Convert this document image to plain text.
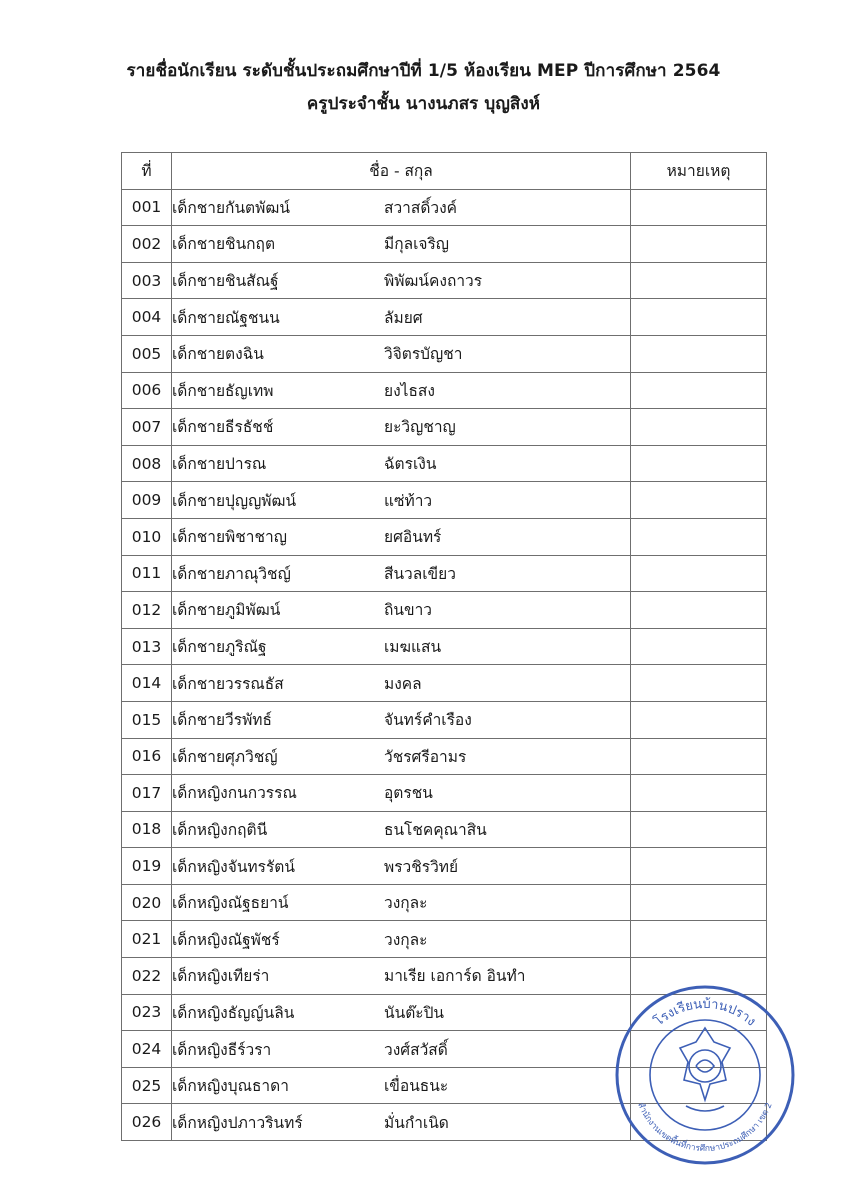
รายชื่อนักเรียน ระดับชั้นประถมศึกษาปีที่ 1/5 ห้องเรียน MEP ปีการศึกษา 2564
ครูประจำชั้น นางนภสร บุญสิงห์
ที่	ชื่อ - สกุล	หมายเหตุ
001	เด็กชายกันตพัฒน์ สวาสดิ์วงค์	
002	เด็กชายชินกฤต มีกุลเจริญ	
003	เด็กชายชินสัณฐ์ พิพัฒน์คงถาวร	
004	เด็กชายณัฐชนน ลัมยศ	
005	เด็กชายตงฉิน วิจิตรบัญชา	
006	เด็กชายธัญเทพ ยงไธสง	
007	เด็กชายธีรธัชช์ ยะวิญชาญ	
008	เด็กชายปารณ ฉัตรเงิน	
009	เด็กชายปุญญพัฒน์ แซ่ท้าว	
010	เด็กชายพิชาชาญ ยศอินทร์	
011	เด็กชายภาณุวิชญ์ สีนวลเขียว	
012	เด็กชายภูมิพัฒน์ ถินขาว	
013	เด็กชายภูริณัฐ เมฆแสน	
014	เด็กชายวรรณธัส มงคล	
015	เด็กชายวีรพัทธ์ จันทร์คำเรือง	
016	เด็กชายศุภวิชญ์ วัชรศรีอามร	
017	เด็กหญิงกนกวรรณ อุตรชน	
018	เด็กหญิงกฤตินี ธนโชคคุณาสิน	
019	เด็กหญิงจันทรรัตน์ พรวชิรวิทย์	
020	เด็กหญิงณัฐธยาน์ วงกุละ	
021	เด็กหญิงณัฐพัชร์ วงกุละ	
022	เด็กหญิงเทียร่า มาเรีย เอการ์ด อินทำ	
023	เด็กหญิงธัญญ์นลิน นันต๊ะปิน	
024	เด็กหญิงธีร์วรา วงศ์สวัสดิ์	
025	เด็กหญิงบุณธาดา เขื่อนธนะ	
026	เด็กหญิงปภาวรินทร์ มั่นกำเนิด	
โรงเรียนบ้านปราง
สำนักงานเขตพื้นที่การศึกษาประถมศึกษา เขต 2
